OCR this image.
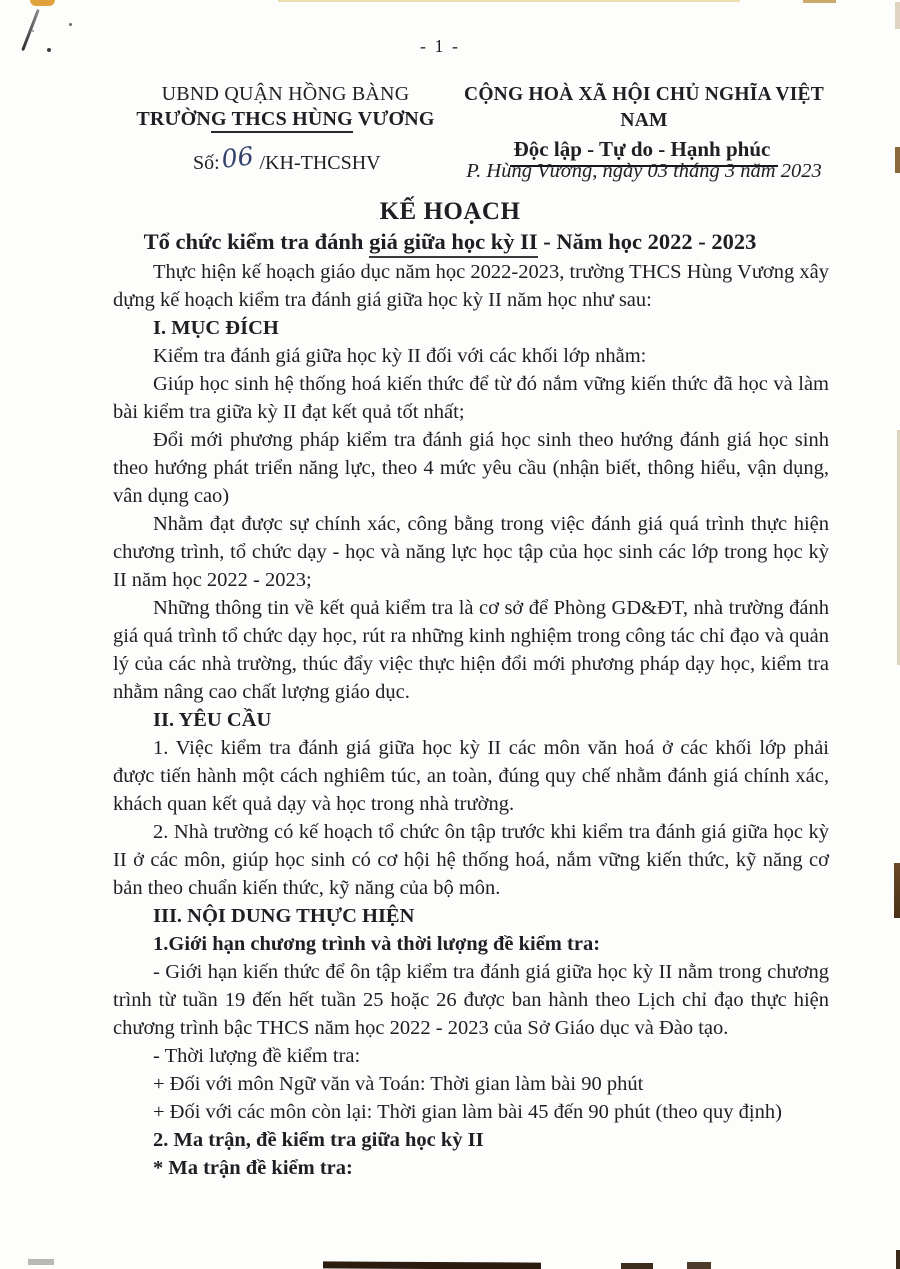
- 1 -
UBND QUẬN HỒNG BÀNG
TRƯỜNG THCS HÙNG VƯƠNG
CỘNG HOÀ XÃ HỘI CHỦ NGHĨA VIỆT NAM
Độc lập - Tự do - Hạnh phúc
Số:06 /KH-THCSHV	P. Hùng Vương, ngày 03 tháng 3 năm 2023
KẾ HOẠCH
Tổ chức kiểm tra đánh giá giữa học kỳ II - Năm học 2022 - 2023

Thực hiện kế hoạch giáo dục năm học 2022-2023, trường THCS Hùng Vương xây dựng kế hoạch kiểm tra đánh giá giữa học kỳ II năm học như sau:

I. MỤC ĐÍCH

Kiểm tra đánh giá giữa học kỳ II đối với các khối lớp nhằm:

Giúp học sinh hệ thống hoá kiến thức để từ đó nắm vững kiến thức đã học và làm bài kiểm tra giữa kỳ II đạt kết quả tốt nhất;

Đổi mới phương pháp kiểm tra đánh giá học sinh theo hướng đánh giá học sinh theo hướng phát triển năng lực, theo 4 mức yêu cầu (nhận biết, thông hiểu, vận dụng, vân dụng cao)

Nhằm đạt được sự chính xác, công bằng trong việc đánh giá quá trình thực hiện chương trình, tổ chức dạy - học và năng lực học tập của học sinh các lớp trong học kỳ II năm học 2022 - 2023;

Những thông tin về kết quả kiểm tra là cơ sở để Phòng GD&ĐT, nhà trường đánh giá quá trình tổ chức dạy học, rút ra những kinh nghiệm trong công tác chỉ đạo và quản lý của các nhà trường, thúc đẩy việc thực hiện đổi mới phương pháp dạy học, kiểm tra nhằm nâng cao chất lượng giáo dục.

II. YÊU CẦU

1. Việc kiểm tra đánh giá giữa học kỳ II các môn văn hoá ở các khối lớp phải được tiến hành một cách nghiêm túc, an toàn, đúng quy chế nhằm đánh giá chính xác, khách quan kết quả dạy và học trong nhà trường.

2. Nhà trường có kế hoạch tổ chức ôn tập trước khi kiểm tra đánh giá giữa học kỳ II ở các môn, giúp học sinh có cơ hội hệ thống hoá, nắm vững kiến thức, kỹ năng cơ bản theo chuẩn kiến thức, kỹ năng của bộ môn.

III. NỘI DUNG THỰC HIỆN

1.Giới hạn chương trình và thời lượng đề kiểm tra:

- Giới hạn kiến thức để ôn tập kiểm tra đánh giá giữa học kỳ II nằm trong chương trình từ tuần 19 đến hết tuần 25 hoặc 26 được ban hành theo Lịch chỉ đạo thực hiện chương trình bậc THCS năm học 2022 - 2023 của Sở Giáo dục và Đào tạo.

- Thời lượng đề kiểm tra:

+ Đối với môn Ngữ văn và Toán: Thời gian làm bài 90 phút

+ Đối với các môn còn lại: Thời gian làm bài 45 đến 90 phút (theo quy định)

2. Ma trận, đề kiểm tra giữa học kỳ II

* Ma trận đề kiểm tra:
